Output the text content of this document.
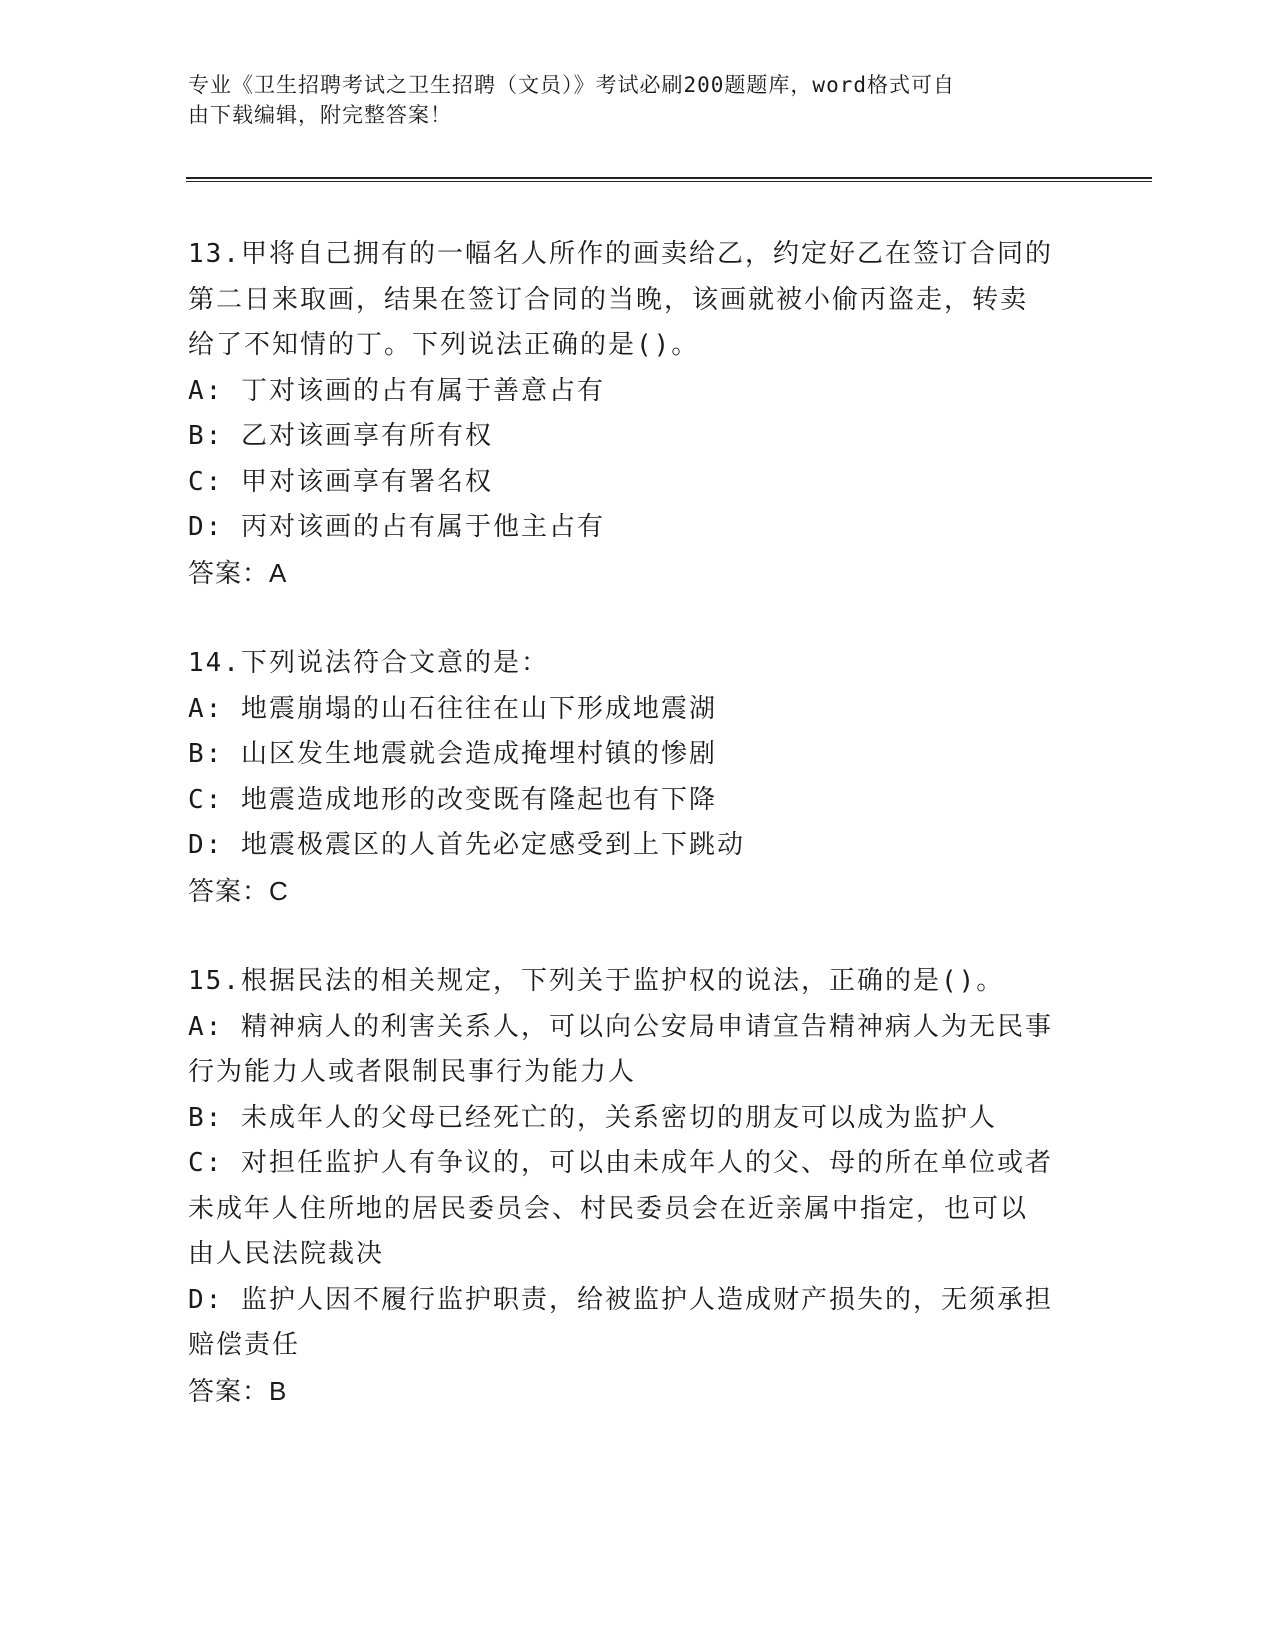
专业《卫生招聘考试之卫生招聘（文员）》考试必刷200题题库，word格式可自
由下载编辑，附完整答案！
13.甲将自己拥有的一幅名人所作的画卖给乙，约定好乙在签订合同的
第二日来取画，结果在签订合同的当晚，该画就被小偷丙盗走，转卖
给了不知情的丁。下列说法正确的是()。
A: 丁对该画的占有属于善意占有
B: 乙对该画享有所有权
C: 甲对该画享有署名权
D: 丙对该画的占有属于他主占有
答案：A
14.下列说法符合文意的是：
A: 地震崩塌的山石往往在山下形成地震湖
B: 山区发生地震就会造成掩埋村镇的惨剧
C: 地震造成地形的改变既有隆起也有下降
D: 地震极震区的人首先必定感受到上下跳动
答案：C
15.根据民法的相关规定，下列关于监护权的说法，正确的是()。
A: 精神病人的利害关系人，可以向公安局申请宣告精神病人为无民事
行为能力人或者限制民事行为能力人
B: 未成年人的父母已经死亡的，关系密切的朋友可以成为监护人
C: 对担任监护人有争议的，可以由未成年人的父、母的所在单位或者
未成年人住所地的居民委员会、村民委员会在近亲属中指定，也可以
由人民法院裁决
D: 监护人因不履行监护职责，给被监护人造成财产损失的，无须承担
赔偿责任
答案：B
